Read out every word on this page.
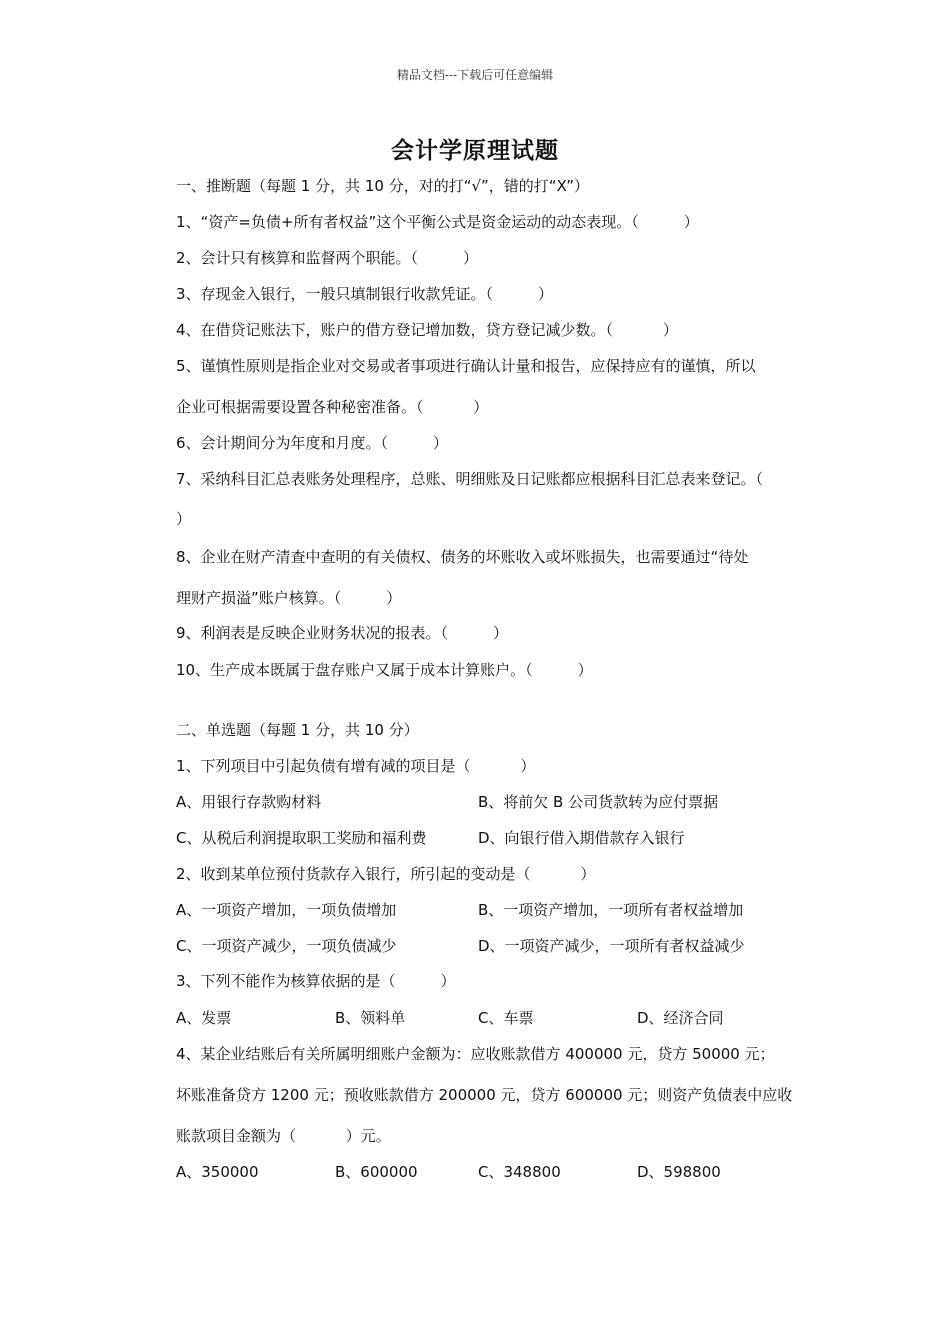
精品文档---下载后可任意编辑
会计学原理试题
一、推断题（每题 1 分，共 10 分，对的打“√”，错的打“X”）
1、“资产=负债+所有者权益”这个平衡公式是资金运动的动态表现。（　　　）
2、会计只有核算和监督两个职能。（　　　）
3、存现金入银行，一般只填制银行收款凭证。（　　　）
4、在借贷记账法下，账户的借方登记增加数，贷方登记减少数。（　　　 ）
5、谨慎性原则是指企业对交易或者事项进行确认计量和报告，应保持应有的谨慎，所以
企业可根据需要设置各种秘密准备。（　　　 ）
6、会计期间分为年度和月度。（　　　）
7、采纳科目汇总表账务处理程序，总账、明细账及日记账都应根据科目汇总表来登记。（
）
8、企业在财产清查中查明的有关债权、债务的坏账收入或坏账损失，也需要通过“待处
理财产损溢”账户核算。（　　　）
9、利润表是反映企业财务状况的报表。（　　　）
10、生产成本既属于盘存账户又属于成本计算账户。（　　　）
二、单选题（每题 1 分，共 10 分）
1、下列项目中引起负债有增有减的项目是（　　　 ）
A、用银行存款购材料	B、将前欠 B 公司货款转为应付票据
C、从税后利润提取职工奖励和福利费	D、向银行借入期借款存入银行
2、收到某单位预付货款存入银行，所引起的变动是（　　　 ）
A、一项资产增加，一项负债增加	B、一项资产增加，一项所有者权益增加
C、一项资产减少，一项负债减少	D、一项资产减少，一项所有者权益减少
3、下列不能作为核算依据的是（　　　）
A、发票	B、领料单	C、车票	D、经济合同
4、某企业结账后有关所属明细账户金额为：应收账款借方 400000 元，贷方 50000 元；
坏账准备贷方 1200 元；预收账款借方 200000 元，贷方 600000 元；则资产负债表中应收
账款项目金额为（　　　 ）元。
A、350000	B、600000	C、348800	D、598800
